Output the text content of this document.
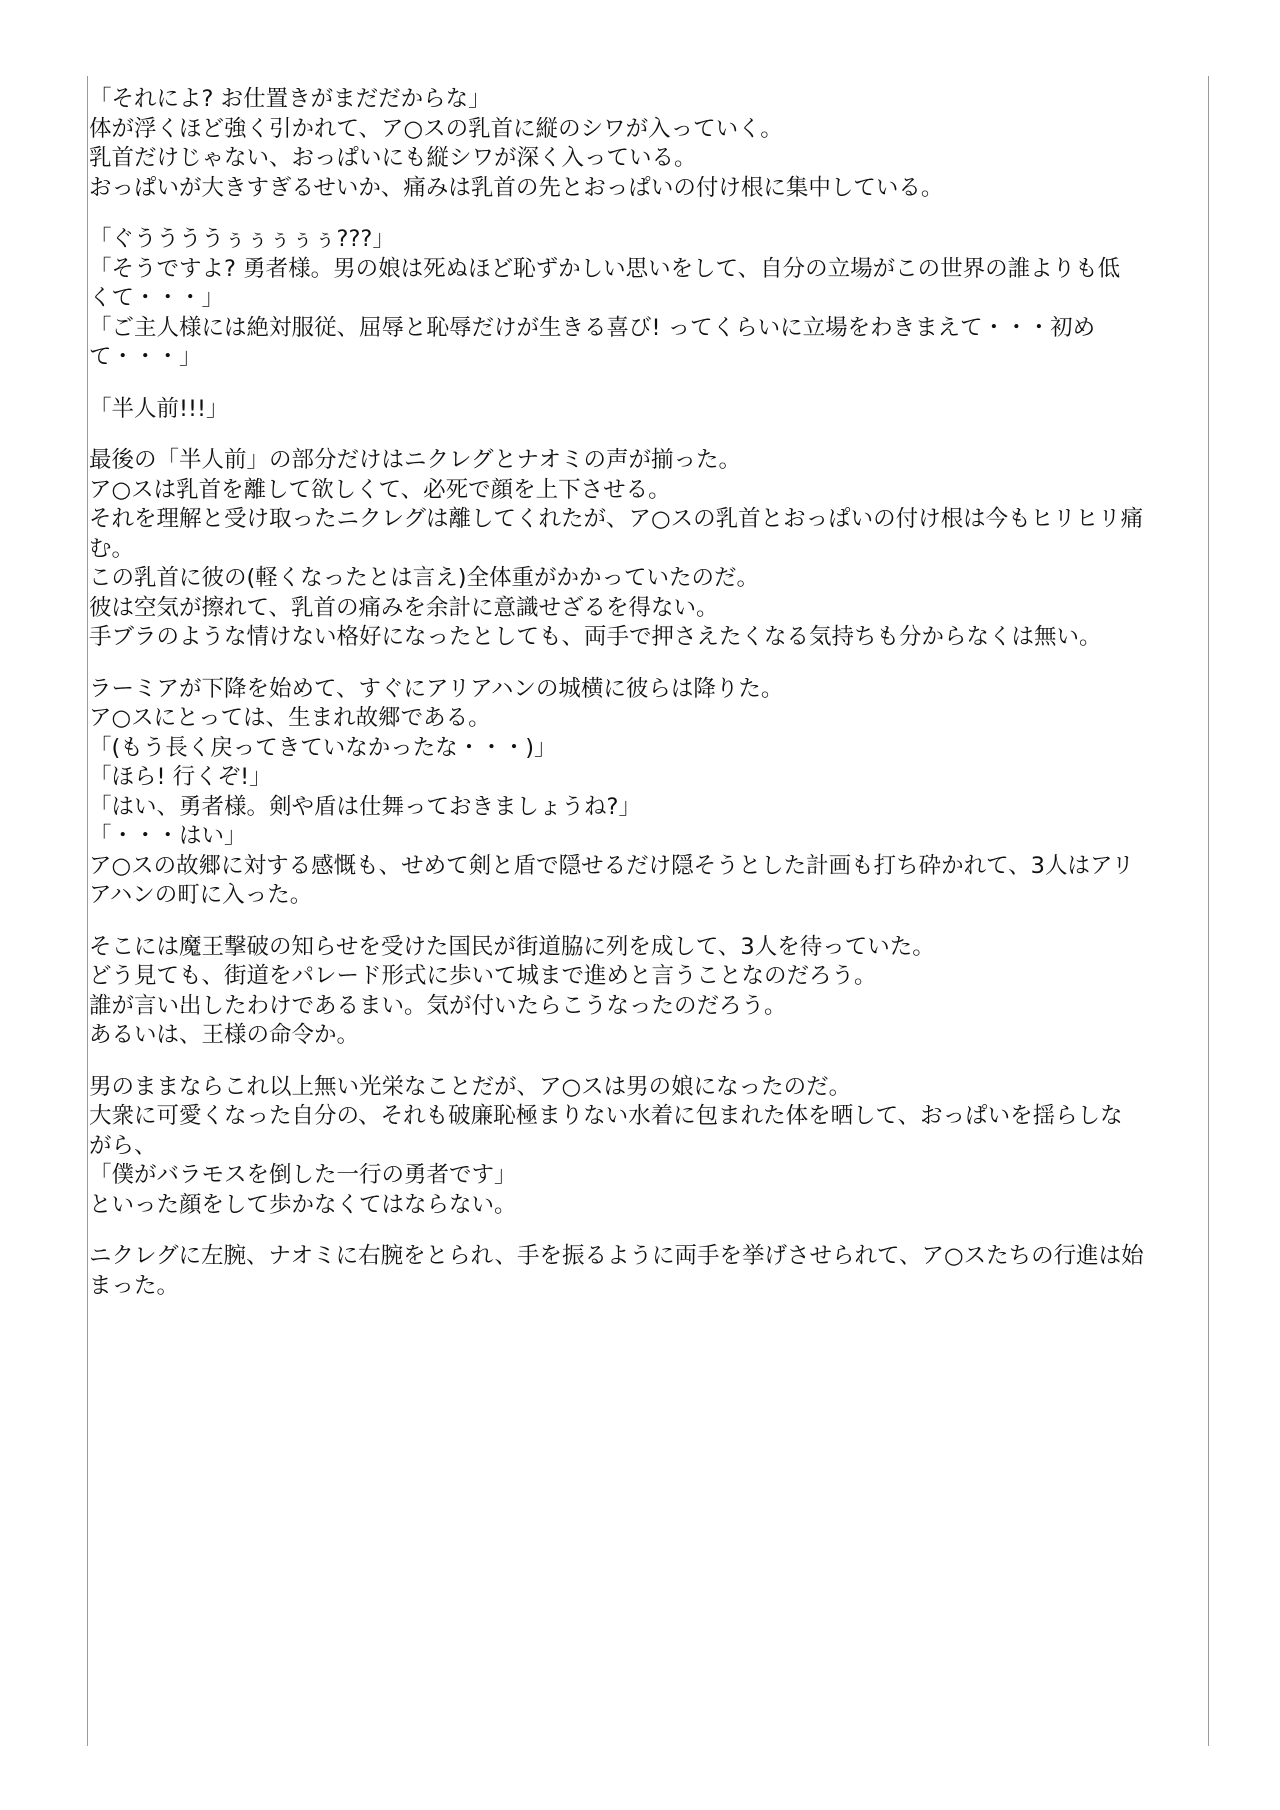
「それによ? お仕置きがまだだからな」
体が浮くほど強く引かれて、ア○スの乳首に縦のシワが入っていく。
乳首だけじゃない、おっぱいにも縦シワが深く入っている。
おっぱいが大きすぎるせいか、痛みは乳首の先とおっぱいの付け根に集中している。
「ぐううううぅぅぅぅぅ???」
「そうですよ? 勇者様。男の娘は死ぬほど恥ずかしい思いをして、自分の立場がこの世界の誰よりも低
くて・・・」
「ご主人様には絶対服従、屈辱と恥辱だけが生きる喜び! ってくらいに立場をわきまえて・・・初め
て・・・」
「半人前!!!」
最後の「半人前」の部分だけはニクレグとナオミの声が揃った。
ア○スは乳首を離して欲しくて、必死で顔を上下させる。
それを理解と受け取ったニクレグは離してくれたが、ア○スの乳首とおっぱいの付け根は今もヒリヒリ痛
む。
この乳首に彼の(軽くなったとは言え)全体重がかかっていたのだ。
彼は空気が擦れて、乳首の痛みを余計に意識せざるを得ない。
手ブラのような情けない格好になったとしても、両手で押さえたくなる気持ちも分からなくは無い。
ラーミアが下降を始めて、すぐにアリアハンの城横に彼らは降りた。
ア○スにとっては、生まれ故郷である。
「(もう長く戻ってきていなかったな・・・)」
「ほら! 行くぞ!」
「はい、勇者様。剣や盾は仕舞っておきましょうね?」
「・・・はい」
ア○スの故郷に対する感慨も、せめて剣と盾で隠せるだけ隠そうとした計画も打ち砕かれて、3人はアリ
アハンの町に入った。
そこには魔王撃破の知らせを受けた国民が街道脇に列を成して、3人を待っていた。
どう見ても、街道をパレード形式に歩いて城まで進めと言うことなのだろう。
誰が言い出したわけであるまい。気が付いたらこうなったのだろう。
あるいは、王様の命令か。
男のままならこれ以上無い光栄なことだが、ア○スは男の娘になったのだ。
大衆に可愛くなった自分の、それも破廉恥極まりない水着に包まれた体を晒して、おっぱいを揺らしな
がら、
「僕がバラモスを倒した一行の勇者です」
といった顔をして歩かなくてはならない。
ニクレグに左腕、ナオミに右腕をとられ、手を振るように両手を挙げさせられて、ア○スたちの行進は始
まった。
